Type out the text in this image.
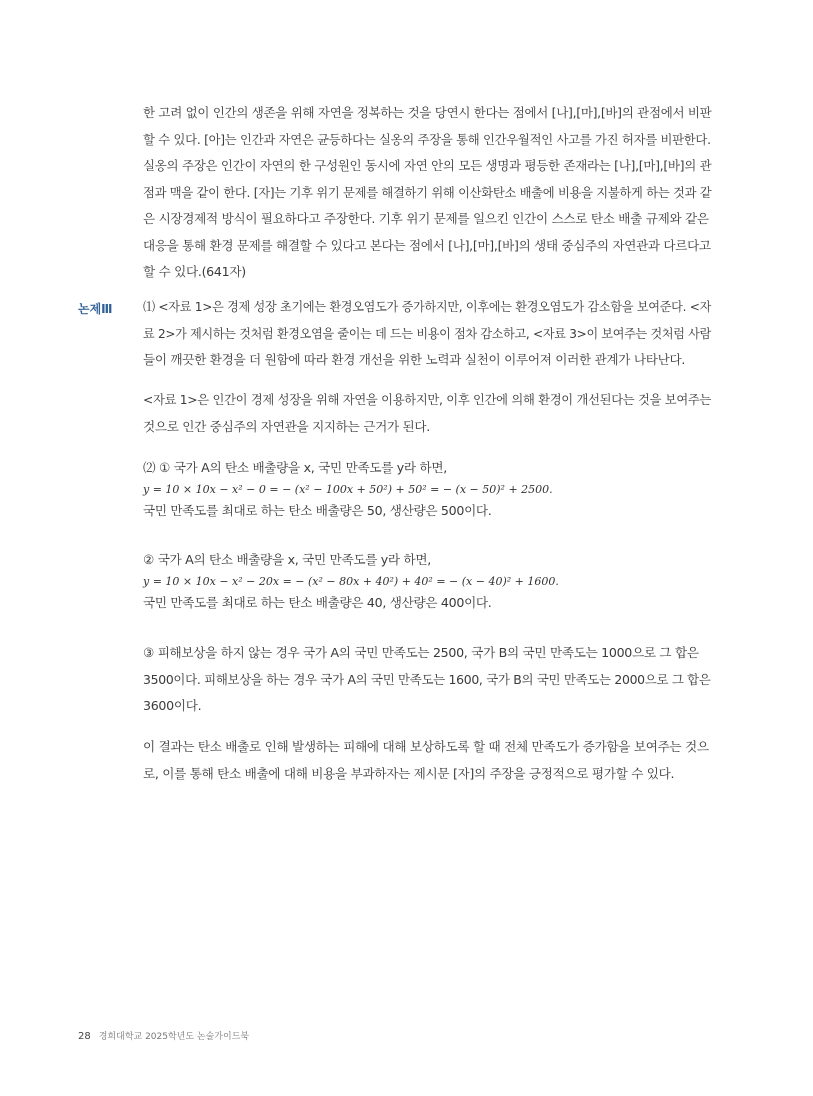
한 고려 없이 인간의 생존을 위해 자연을 정복하는 것을 당연시 한다는 점에서 [나],[마],[바]의 관점에서 비판
할 수 있다. [아]는 인간과 자연은 균등하다는 실옹의 주장을 통해 인간우월적인 사고를 가진 허자를 비판한다.
실옹의 주장은 인간이 자연의 한 구성원인 동시에 자연 안의 모든 생명과 평등한 존재라는 [나],[마],[바]의 관
점과 맥을 같이 한다. [자]는 기후 위기 문제를 해결하기 위해 이산화탄소 배출에 비용을 지불하게 하는 것과 같
은 시장경제적 방식이 필요하다고 주장한다. 기후 위기 문제를 일으킨 인간이 스스로 탄소 배출 규제와 같은
대응을 통해 환경 문제를 해결할 수 있다고 본다는 점에서 [나],[마],[바]의 생태 중심주의 자연관과 다르다고
할 수 있다.(641자)

논제Ⅲ ⑴ <자료 1>은 경제 성장 초기에는 환경오염도가 증가하지만, 이후에는 환경오염도가 감소함을 보여준다. <자
료 2>가 제시하는 것처럼 환경오염을 줄이는 데 드는 비용이 점차 감소하고, <자료 3>이 보여주는 것처럼 사람
들이 깨끗한 환경을 더 원함에 따라 환경 개선을 위한 노력과 실천이 이루어져 이러한 관계가 나타난다.

<자료 1>은 인간이 경제 성장을 위해 자연을 이용하지만, 이후 인간에 의해 환경이 개선된다는 것을 보여주는
것으로 인간 중심주의 자연관을 지지하는 근거가 된다.

⑵ ① 국가 A의 탄소 배출량을 x, 국민 만족도를 y라 하면,

y = 10 × 10x − x² − 0 = − (x² − 100x + 50²) + 50² = − (x − 50)² + 2500.

국민 만족도를 최대로 하는 탄소 배출량은 50, 생산량은 500이다.

② 국가 A의 탄소 배출량을 x, 국민 만족도를 y라 하면,

y = 10 × 10x − x² − 20x = − (x² − 80x + 40²) + 40² = − (x − 40)² + 1600.

국민 만족도를 최대로 하는 탄소 배출량은 40, 생산량은 400이다.

③ 피해보상을 하지 않는 경우 국가 A의 국민 만족도는 2500, 국가 B의 국민 만족도는 1000으로 그 합은
3500이다. 피해보상을 하는 경우 국가 A의 국민 만족도는 1600, 국가 B의 국민 만족도는 2000으로 그 합은
3600이다.

이 결과는 탄소 배출로 인해 발생하는 피해에 대해 보상하도록 할 때 전체 만족도가 증가함을 보여주는 것으
로, 이를 통해 탄소 배출에 대해 비용을 부과하자는 제시문 [자]의 주장을 긍정적으로 평가할 수 있다.

28 경희대학교 2025학년도 논술가이드북
